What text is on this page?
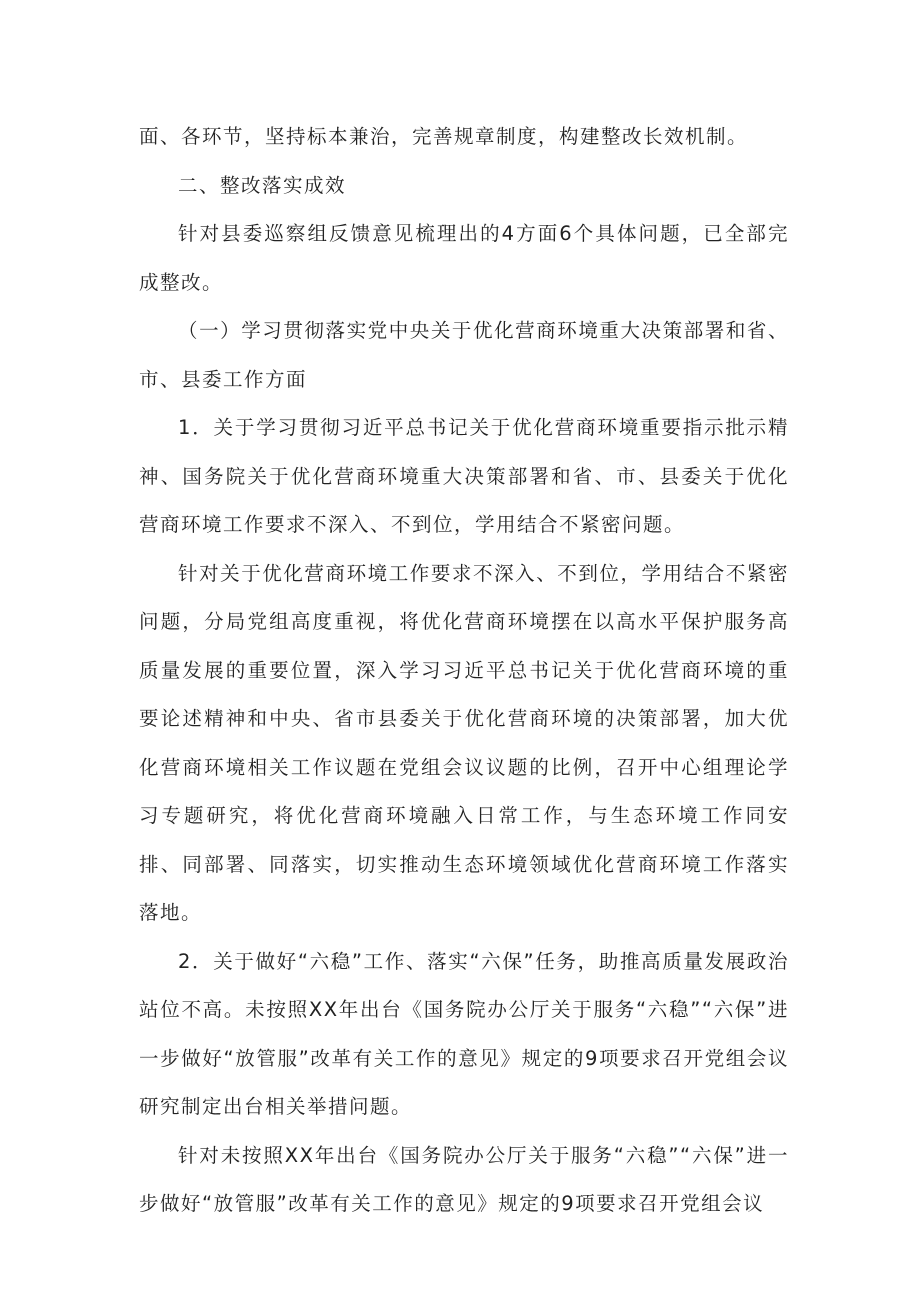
面、各环节，坚持标本兼治，完善规章制度，构建整改长效机制。

二、整改落实成效

针对县委巡察组反馈意见梳理出的4方面6个具体问题，已全部完成整改。

（一）学习贯彻落实党中央关于优化营商环境重大决策部署和省、市、县委工作方面

1．关于学习贯彻习近平总书记关于优化营商环境重要指示批示精神、国务院关于优化营商环境重大决策部署和省、市、县委关于优化营商环境工作要求不深入、不到位，学用结合不紧密问题。

针对关于优化营商环境工作要求不深入、不到位，学用结合不紧密问题，分局党组高度重视，将优化营商环境摆在以高水平保护服务高质量发展的重要位置，深入学习习近平总书记关于优化营商环境的重要论述精神和中央、省市县委关于优化营商环境的决策部署，加大优化营商环境相关工作议题在党组会议议题的比例，召开中心组理论学习专题研究，将优化营商环境融入日常工作，与生态环境工作同安排、同部署、同落实，切实推动生态环境领域优化营商环境工作落实落地。

2．关于做好“六稳”工作、落实“六保”任务，助推高质量发展政治站位不高。未按照XX年出台《国务院办公厅关于服务“六稳”“六保”进一步做好“放管服”改革有关工作的意见》规定的9项要求召开党组会议研究制定出台相关举措问题。

针对未按照XX年出台《国务院办公厅关于服务“六稳”“六保”进一步做好“放管服”改革有关工作的意见》规定的9项要求召开党组会议
